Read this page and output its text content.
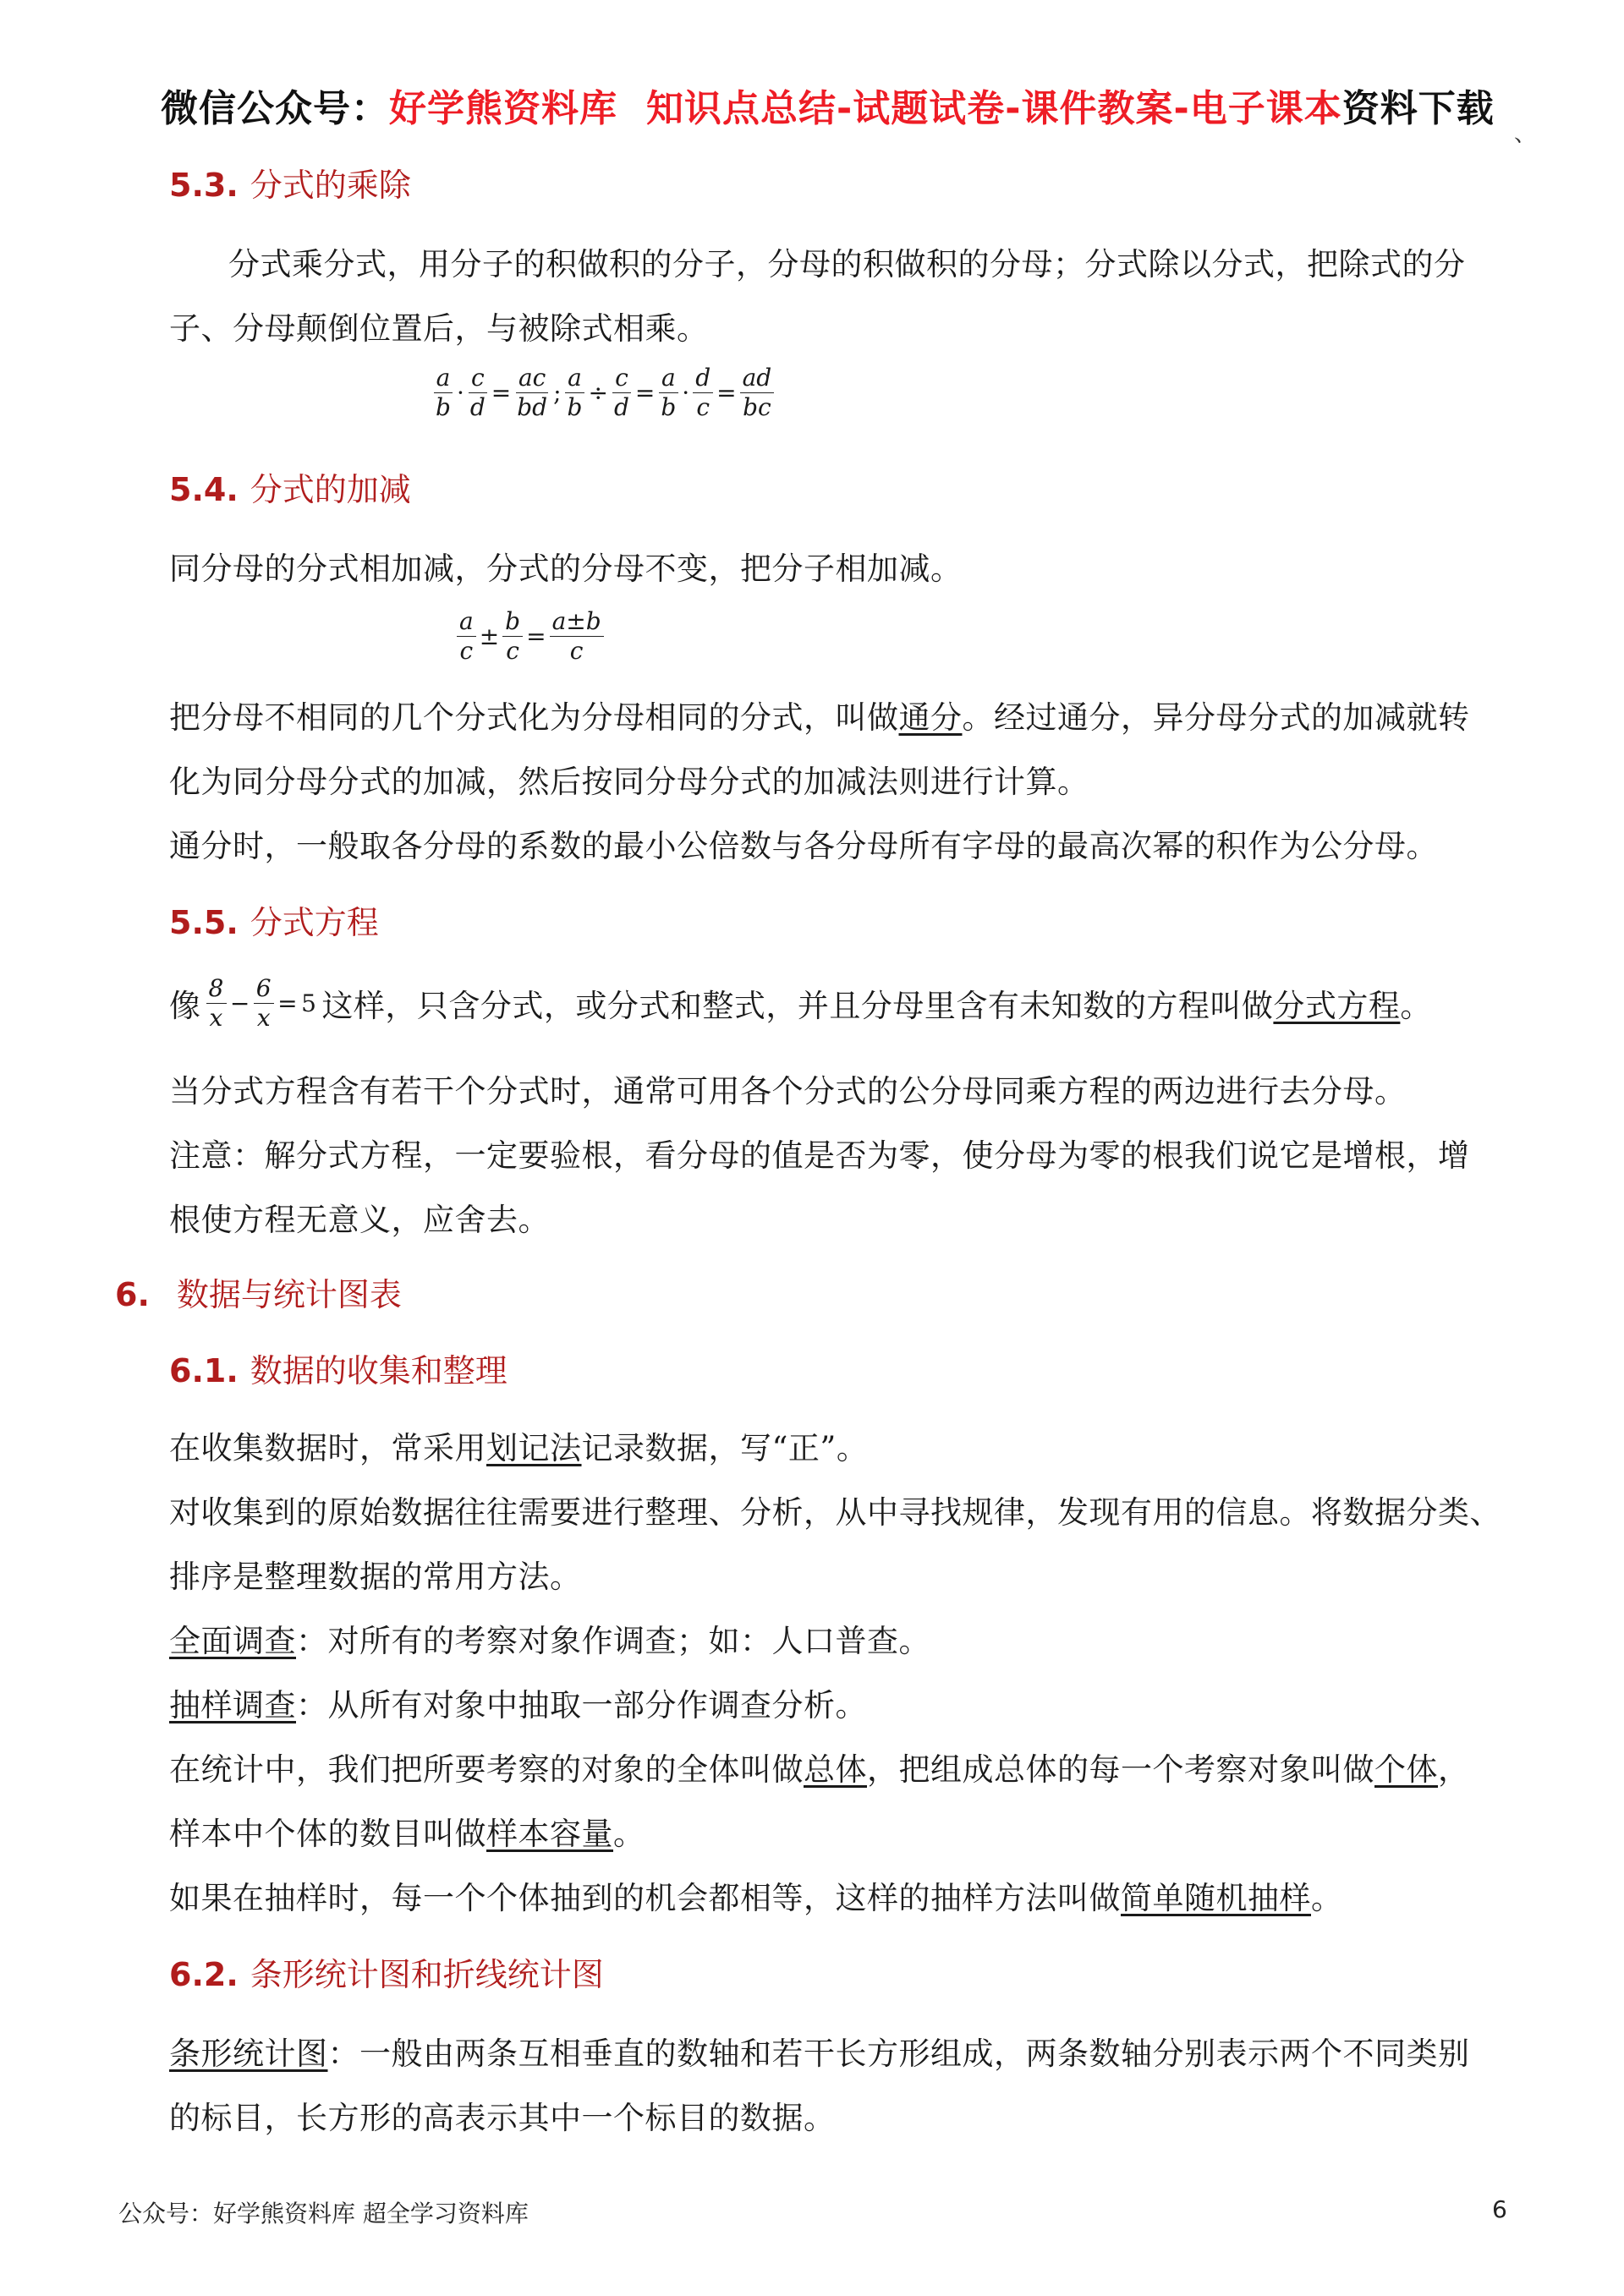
微信公众号：好学熊资料库 知识点总结-试题试卷-课件教案-电子课本资料下载
、
5.3. 分式的乘除
分式乘分式，用分子的积做积的分子，分母的积做积的分母；分式除以分式，把除式的分
子、分母颠倒位置后，与被除式相乘。
$\frac{a}{b} \cdot \frac{c}{d} = \frac{ac}{bd}$ ; $\frac{a}{b} \div \frac{c}{d} = \frac{a}{b} \cdot \frac{d}{c} = \frac{ad}{bc}$
5.4. 分式的加减
同分母的分式相加减，分式的分母不变，把分子相加减。
$\frac{a}{c} \pm \frac{b}{c} = \frac{a\pm b}{c}$
把分母不相同的几个分式化为分母相同的分式，叫做通分。经过通分，异分母分式的加减就转
化为同分母分式的加减，然后按同分母分式的加减法则进行计算。
通分时，一般取各分母的系数的最小公倍数与各分母所有字母的最高次幂的积作为公分母。
5.5. 分式方程
像 $\frac{8}{x} - \frac{6}{x} = 5$ 这样，只含分式，或分式和整式，并且分母里含有未知数的方程叫做 分式方程 。
当分式方程含有若干个分式时，通常可用各个分式的公分母同乘方程的两边进行去分母。
注意：解分式方程，一定要验根，看分母的值是否为零，使分母为零的根我们说它是增根，增
根使方程无意义，应舍去。
6. 数据与统计图表
6.1. 数据的收集和整理
在收集数据时，常采用划记法记录数据，写“正”。
对收集到的原始数据往往需要进行整理、分析，从中寻找规律，发现有用的信息。将数据分类、
排序是整理数据的常用方法。
全面调查：对所有的考察对象作调查；如：人口普查。
抽样调查：从所有对象中抽取一部分作调查分析。
在统计中，我们把所要考察的对象的全体叫做总体，把组成总体的每一个考察对象叫做个体，
样本中个体的数目叫做样本容量。
如果在抽样时，每一个个体抽到的机会都相等，这样的抽样方法叫做简单随机抽样。
6.2. 条形统计图和折线统计图
条形统计图：一般由两条互相垂直的数轴和若干长方形组成，两条数轴分别表示两个不同类别
的标目，长方形的高表示其中一个标目的数据。
公众号：好学熊资料库 超全学习资料库	6
